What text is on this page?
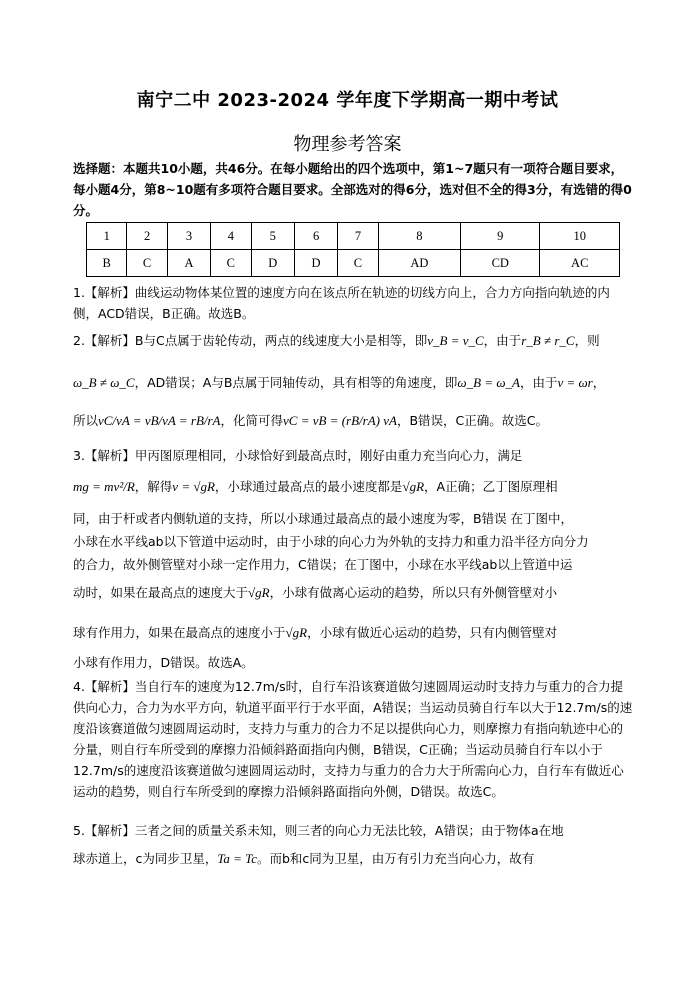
南宁二中 2023-2024 学年度下学期高一期中考试
物理参考答案
选择题：本题共10小题，共46分。在每小题给出的四个选项中，第1~7题只有一项符合题目要求，每小题4分，第8~10题有多项符合题目要求。全部选对的得6分，选对但不全的得3分，有选错的得0分。
1	2	3	4	5	6	7	8	9	10
B	C	A	C	D	D	C	AD	CD	AC
1.【解析】曲线运动物体某位置的速度方向在该点所在轨迹的切线方向上，合力方向指向轨迹的内侧，ACD错误，B正确。故选B。
2.【解析】B与C点属于齿轮传动，两点的线速度大小是相等，即v_B = v_C，由于r_B ≠ r_C，则
ω_B ≠ ω_C，AD错误；A与B点属于同轴传动，具有相等的角速度，即ω_B = ω_A，由于v = ωr，
所以vC/vA = vB/vA = rB/rA，化简可得vC = vB = (rB/rA) vA，B错误，C正确。故选C。
3.【解析】甲丙图原理相同，小球恰好到最高点时，刚好由重力充当向心力，满足
mg = mv²/R，解得v = √gR，小球通过最高点的最小速度都是√gR，A正确；乙丁图原理相
同，由于杆或者内侧轨道的支持，所以小球通过最高点的最小速度为零，B错误 在丁图中，
小球在水平线ab以下管道中运动时，由于小球的向心力为外轨的支持力和重力沿半径方向分力
的合力，故外侧管壁对小球一定作用力，C错误；在丁图中，小球在水平线ab以上管道中运
动时，如果在最高点的速度大于√gR，小球有做离心运动的趋势，所以只有外侧管壁对小
球有作用力，如果在最高点的速度小于√gR，小球有做近心运动的趋势，只有内侧管壁对
小球有作用力，D错误。故选A。
4.【解析】当自行车的速度为12.7m/s时，自行车沿该赛道做匀速圆周运动时支持力与重力的合力提供向心力，合力为水平方向，轨道平面平行于水平面，A错误；当运动员骑自行车以大于12.7m/s的速度沿该赛道做匀速圆周运动时，支持力与重力的合力不足以提供向心力，则摩擦力有指向轨迹中心的分量，则自行车所受到的摩擦力沿倾斜路面指向内侧，B错误，C正确；当运动员骑自行车以小于12.7m/s的速度沿该赛道做匀速圆周运动时，支持力与重力的合力大于所需向心力，自行车有做近心运动的趋势，则自行车所受到的摩擦力沿倾斜路面指向外侧，D错误。故选C。
5.【解析】三者之间的质量关系未知，则三者的向心力无法比较，A错误；由于物体a在地
球赤道上，c为同步卫星，Ta = Tc。而b和c同为卫星，由万有引力充当向心力，故有
